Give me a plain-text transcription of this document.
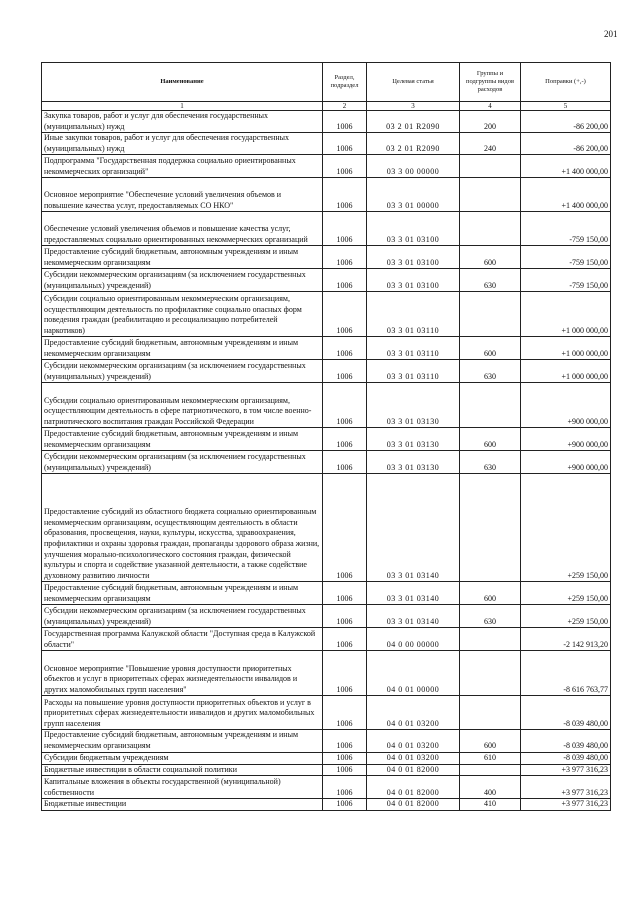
201
Наименование	Раздел, подраздел	Целевая статья	Группы и подгруппы видов расходов	Поправки (+,-)
1	2	3	4	5
Закупка товаров, работ и услуг для обеспечения государственных (муниципальных) нужд	1006	03 2 01 R2090	200	-86 200,00
Иные закупки товаров, работ и услуг для обеспечения государственных (муниципальных) нужд	1006	03 2 01 R2090	240	-86 200,00
Подпрограмма "Государственная поддержка социально ориентированных некоммерческих организаций"	1006	03 3 00 00000		+1 400 000,00
Основное мероприятие "Обеспечение условий увеличения объемов и повышение качества услуг, предоставляемых СО НКО"	1006	03 3 01 00000		+1 400 000,00
Обеспечение условий увеличения объемов и повышение качества услуг, предоставляемых социально ориентированных некоммерческих организаций	1006	03 3 01 03100		-759 150,00
Предоставление субсидий бюджетным, автономным учреждениям и иным некоммерческим организациям	1006	03 3 01 03100	600	-759 150,00
Субсидии некоммерческим организациям (за исключением государственных (муниципальных) учреждений)	1006	03 3 01 03100	630	-759 150,00
Субсидии социально ориентированным некоммерческим организациям, осуществляющим деятельность по профилактике социально опасных форм поведения граждан (реабилитацию и ресоциализацию потребителей наркотиков)	1006	03 3 01 03110		+1 000 000,00
Предоставление субсидий бюджетным, автономным учреждениям и иным некоммерческим организациям	1006	03 3 01 03110	600	+1 000 000,00
Субсидии некоммерческим организациям (за исключением государственных (муниципальных) учреждений)	1006	03 3 01 03110	630	+1 000 000,00
Субсидии социально ориентированным некоммерческим организациям, осуществляющим деятельность в сфере патриотического, в том числе военно-патриотического воспитания граждан Российской Федерации	1006	03 3 01 03130		+900 000,00
Предоставление субсидий бюджетным, автономным учреждениям и иным некоммерческим организациям	1006	03 3 01 03130	600	+900 000,00
Субсидии некоммерческим организациям (за исключением государственных (муниципальных) учреждений)	1006	03 3 01 03130	630	+900 000,00
Предоставление субсидий из областного бюджета социально ориентированным некоммерческим организациям, осуществляющим деятельность в области образования, просвещения, науки, культуры, искусства, здравоохранения, профилактики и охраны здоровья граждан, пропаганды здорового образа жизни, улучшения морально-психологического состояния граждан, физической культуры и спорта и содействие указанной деятельности, а также содействие духовному развитию личности	1006	03 3 01 03140		+259 150,00
Предоставление субсидий бюджетным, автономным учреждениям и иным некоммерческим организациям	1006	03 3 01 03140	600	+259 150,00
Субсидии некоммерческим организациям (за исключением государственных (муниципальных) учреждений)	1006	03 3 01 03140	630	+259 150,00
Государственная программа Калужской области "Доступная среда в Калужской области"	1006	04 0 00 00000		-2 142 913,20
Основное мероприятие "Повышение уровня доступности приоритетных объектов и услуг в приоритетных сферах жизнедеятельности инвалидов и других маломобильных групп населения"	1006	04 0 01 00000		-8 616 763,77
Расходы на повышение уровня доступности приоритетных объектов и услуг в приоритетных сферах жизнедеятельности инвалидов и других маломобильных групп населения	1006	04 0 01 03200		-8 039 480,00
Предоставление субсидий бюджетным, автономным учреждениям и иным некоммерческим организациям	1006	04 0 01 03200	600	-8 039 480,00
Субсидии бюджетным учреждениям	1006	04 0 01 03200	610	-8 039 480,00
Бюджетные инвестиции в области социальной политики	1006	04 0 01 82000		+3 977 316,23
Капитальные вложения в объекты государственной (муниципальной) собственности	1006	04 0 01 82000	400	+3 977 316,23
Бюджетные инвестиции	1006	04 0 01 82000	410	+3 977 316,23
